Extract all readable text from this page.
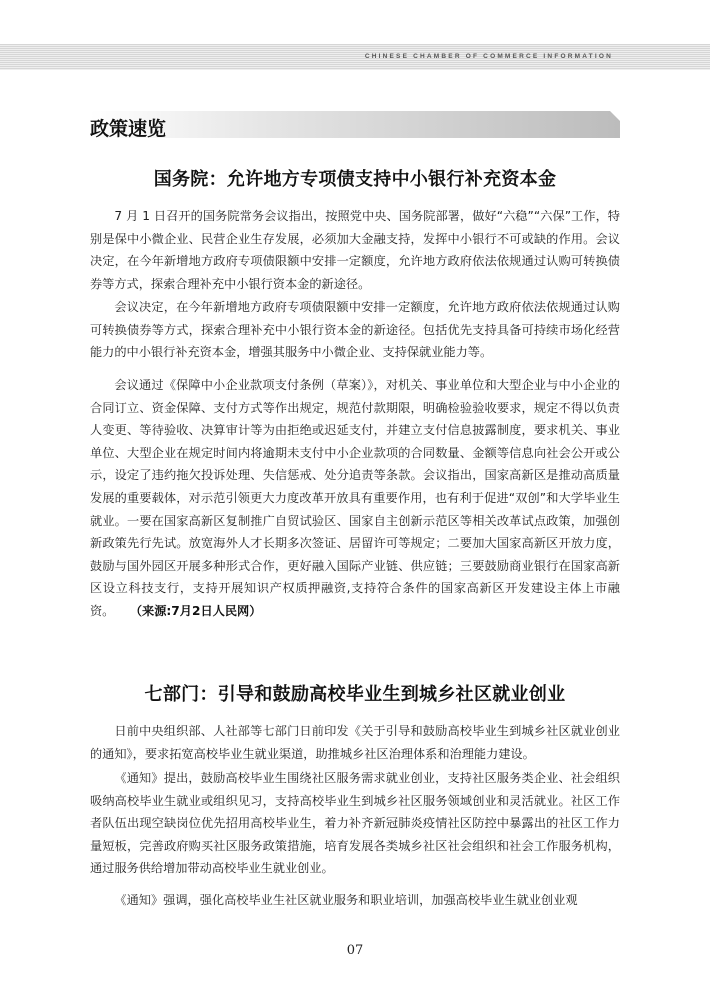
CHINESE CHAMBER OF COMMERCE INFORMATION
政策速览
国务院：允许地方专项债支持中小银行补充资本金

7 月 1 日召开的国务院常务会议指出，按照党中央、国务院部署，做好“六稳”“六保”工作，特别是保中小微企业、民营企业生存发展，必须加大金融支持，发挥中小银行不可或缺的作用。会议决定，在今年新增地方政府专项债限额中安排一定额度，允许地方政府依法依规通过认购可转换债券等方式，探索合理补充中小银行资本金的新途径。

会议决定，在今年新增地方政府专项债限额中安排一定额度，允许地方政府依法依规通过认购可转换债券等方式，探索合理补充中小银行资本金的新途径。包括优先支持具备可持续市场化经营能力的中小银行补充资本金，增强其服务中小微企业、支持保就业能力等。

会议通过《保障中小企业款项支付条例（草案）》，对机关、事业单位和大型企业与中小企业的合同订立、资金保障、支付方式等作出规定，规范付款期限，明确检验验收要求，规定不得以负责人变更、等待验收、决算审计等为由拒绝或迟延支付，并建立支付信息披露制度，要求机关、事业单位、大型企业在规定时间内将逾期未支付中小企业款项的合同数量、金额等信息向社会公开或公示，设定了违约拖欠投诉处理、失信惩戒、处分追责等条款。会议指出，国家高新区是推动高质量发展的重要载体，对示范引领更大力度改革开放具有重要作用，也有利于促进“双创”和大学毕业生就业。一要在国家高新区复制推广自贸试验区、国家自主创新示范区等相关改革试点政策，加强创新政策先行先试。放宽海外人才长期多次签证、居留许可等规定；二要加大国家高新区开放力度，鼓励与国外园区开展多种形式合作，更好融入国际产业链、供应链；三要鼓励商业银行在国家高新区设立科技支行，支持开展知识产权质押融资,支持符合条件的国家高新区开发建设主体上市融资。 （来源:7月2日人民网）

七部门：引导和鼓励高校毕业生到城乡社区就业创业

日前中央组织部、人社部等七部门日前印发《关于引导和鼓励高校毕业生到城乡社区就业创业的通知》，要求拓宽高校毕业生就业渠道，助推城乡社区治理体系和治理能力建设。

《通知》提出，鼓励高校毕业生围绕社区服务需求就业创业，支持社区服务类企业、社会组织吸纳高校毕业生就业或组织见习，支持高校毕业生到城乡社区服务领域创业和灵活就业。社区工作者队伍出现空缺岗位优先招用高校毕业生，着力补齐新冠肺炎疫情社区防控中暴露出的社区工作力量短板，完善政府购买社区服务政策措施，培育发展各类城乡社区社会组织和社会工作服务机构，通过服务供给增加带动高校毕业生就业创业。

《通知》强调，强化高校毕业生社区就业服务和职业培训，加强高校毕业生就业创业观

07
